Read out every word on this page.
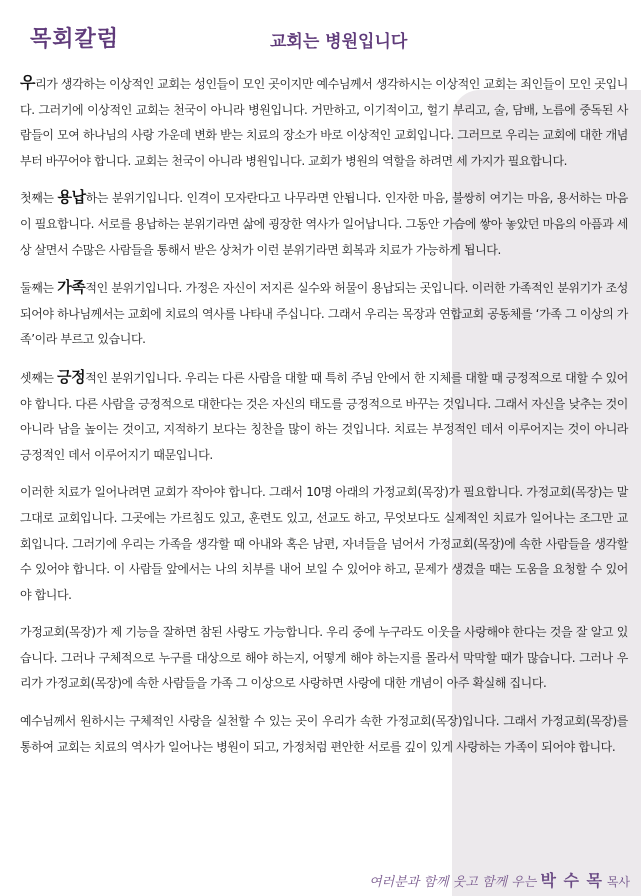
목회칼럼	교회는 병원입니다

우리가 생각하는 이상적인 교회는 성인들이 모인 곳이지만 예수님께서 생각하시는 이상적인 교회는 죄인들이 모인 곳입니다. 그러기에 이상적인 교회는 천국이 아니라 병원입니다. 거만하고, 이기적이고, 헐기 부리고, 술, 담배, 노름에 중독된 사람들이 모여 하나님의 사랑 가운데 변화 받는 치료의 장소가 바로 이상적인 교회입니다. 그러므로 우리는 교회에 대한 개념부터 바꾸어야 합니다. 교회는 천국이 아니라 병원입니다. 교회가 병원의 역할을 하려면 세 가지가 필요합니다.

첫째는 용납하는 분위기입니다. 인격이 모자란다고 나무라면 안됩니다. 인자한 마음, 불쌍히 여기는 마음, 용서하는 마음이 필요합니다. 서로를 용납하는 분위기라면 삶에 굉장한 역사가 일어납니다. 그동안 가슴에 쌓아 놓았던 마음의 아픔과 세상 살면서 수많은 사람들을 통해서 받은 상처가 이런 분위기라면 회복과 치료가 가능하게 됩니다.

둘째는 가족적인 분위기입니다. 가정은 자신이 저지른 실수와 허물이 용납되는 곳입니다. 이러한 가족적인 분위기가 조성되어야 하나님께서는 교회에 치료의 역사를 나타내 주십니다. 그래서 우리는 목장과 연합교회 공동체를 ‘가족 그 이상의 가족’이라 부르고 있습니다.

셋째는 긍정적인 분위기입니다. 우리는 다른 사람을 대할 때 특히 주님 안에서 한 지체를 대할 때 긍정적으로 대할 수 있어야 합니다. 다른 사람을 긍정적으로 대한다는 것은 자신의 태도를 긍정적으로 바꾸는 것입니다. 그래서 자신을 낮추는 것이 아니라 남을 높이는 것이고, 지적하기 보다는 칭찬을 많이 하는 것입니다. 치료는 부정적인 데서 이루어지는 것이 아니라 긍정적인 데서 이루어지기 때문입니다.

이러한 치료가 일어나려면 교회가 작아야 합니다. 그래서 10명 아래의 가정교회(목장)가 필요합니다. 가정교회(목장)는 말 그대로 교회입니다. 그곳에는 가르침도 있고, 훈련도 있고, 선교도 하고, 무엇보다도 실제적인 치료가 일어나는 조그만 교회입니다. 그러기에 우리는 가족을 생각할 때 아내와 혹은 남편, 자녀들을 넘어서 가정교회(목장)에 속한 사람들을 생각할 수 있어야 합니다. 이 사람들 앞에서는 나의 치부를 내어 보일 수 있어야 하고, 문제가 생겼을 때는 도움을 요청할 수 있어야 합니다.

가정교회(목장)가 제 기능을 잘하면 참된 사랑도 가능합니다. 우리 중에 누구라도 이웃을 사랑해야 한다는 것을 잘 알고 있습니다. 그러나 구체적으로 누구를 대상으로 해야 하는지, 어떻게 해야 하는지를 몰라서 막막할 때가 많습니다. 그러나 우리가 가정교회(목장)에 속한 사람들을 가족 그 이상으로 사랑하면 사랑에 대한 개념이 아주 확실해 집니다.

예수님께서 원하시는 구체적인 사랑을 실천할 수 있는 곳이 우리가 속한 가정교회(목장)입니다. 그래서 가정교회(목장)를 통하여 교회는 치료의 역사가 일어나는 병원이 되고, 가정처럼 편안한 서로를 깊이 있게 사랑하는 가족이 되어야 합니다.

여러분과 함께 웃고 함께 우는 박 수 목 목사
